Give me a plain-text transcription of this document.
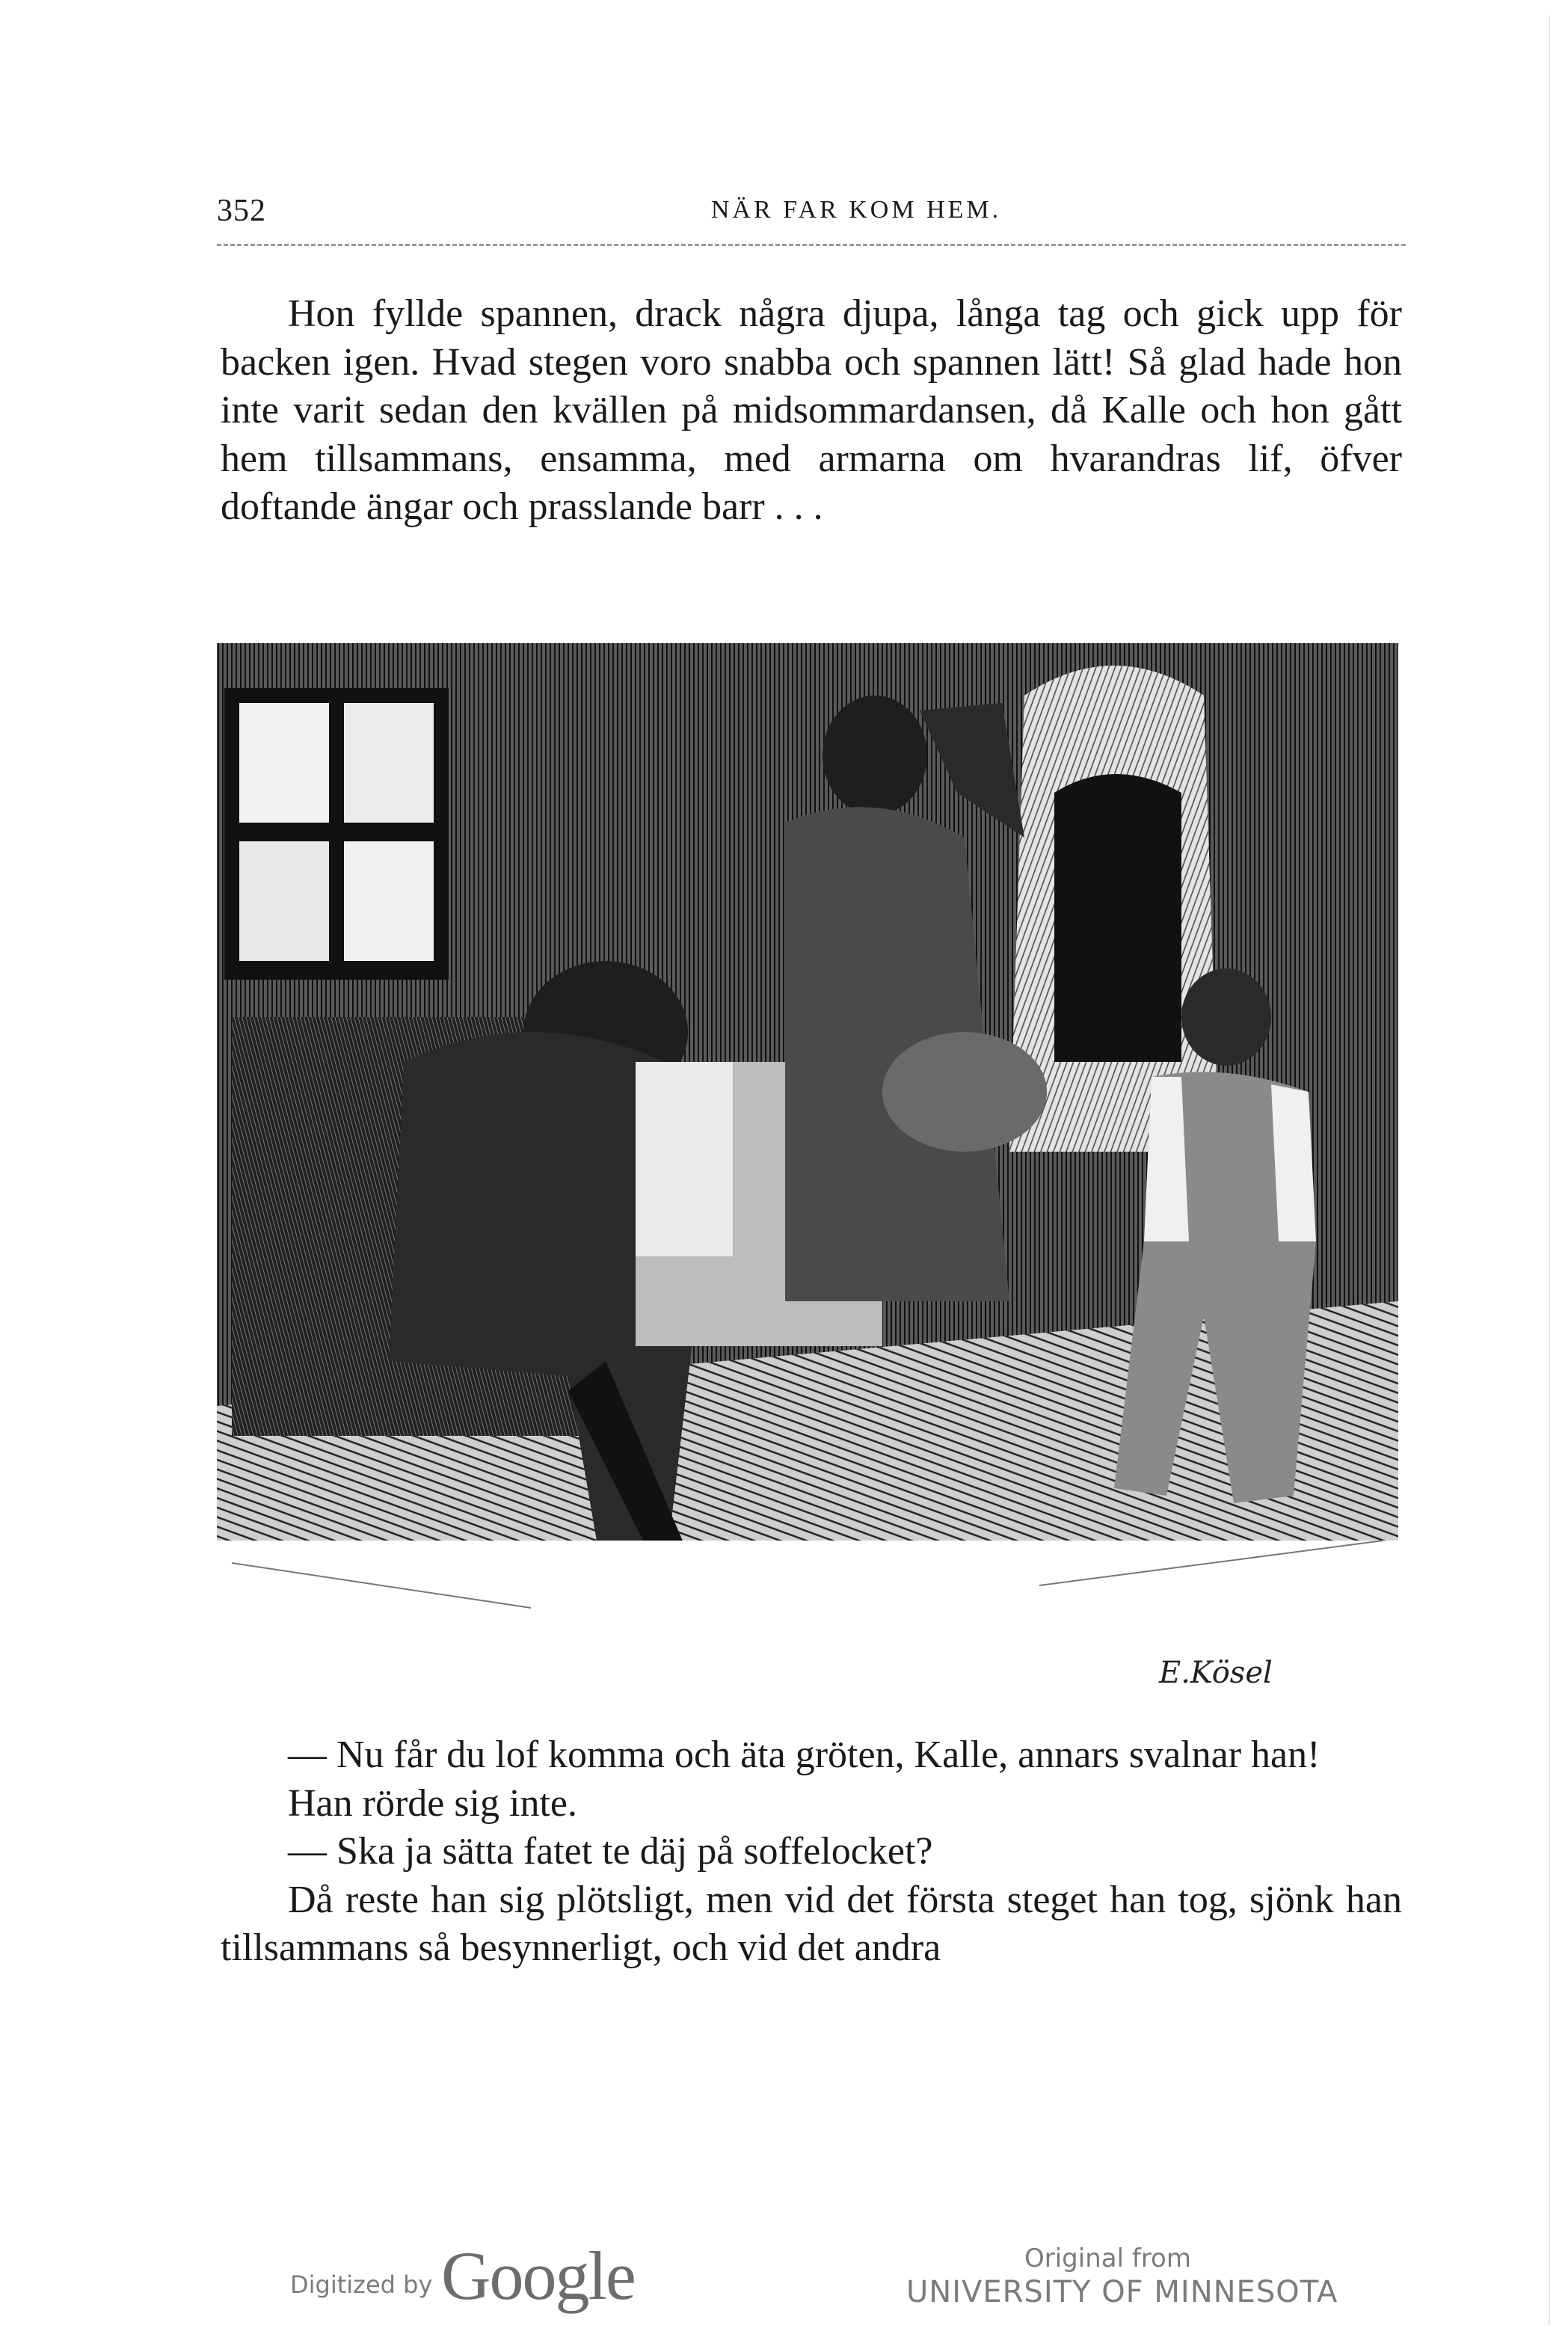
352	NÄR FAR KOM HEM.

Hon fyllde spannen, drack några djupa, långa tag och gick upp för backen igen. Hvad stegen voro snabba och spannen lätt! Så glad hade hon inte varit sedan den kvällen på midsommardansen, då Kalle och hon gått hem tillsammans, ensamma, med armarna om hvarandras lif, öfver doftande ängar och prasslande barr . . .

E.Kösel
— Nu får du lof komma och äta gröten, Kalle, annars svalnar han!
Han rörde sig inte.
— Ska ja sätta fatet te däj på soffelocket?
Då reste han sig plötsligt, men vid det första steget han tog, sjönk han tillsammans så besynnerligt, och vid det andra
Digitized by Google	Original from
UNIVERSITY OF MINNESOTA
